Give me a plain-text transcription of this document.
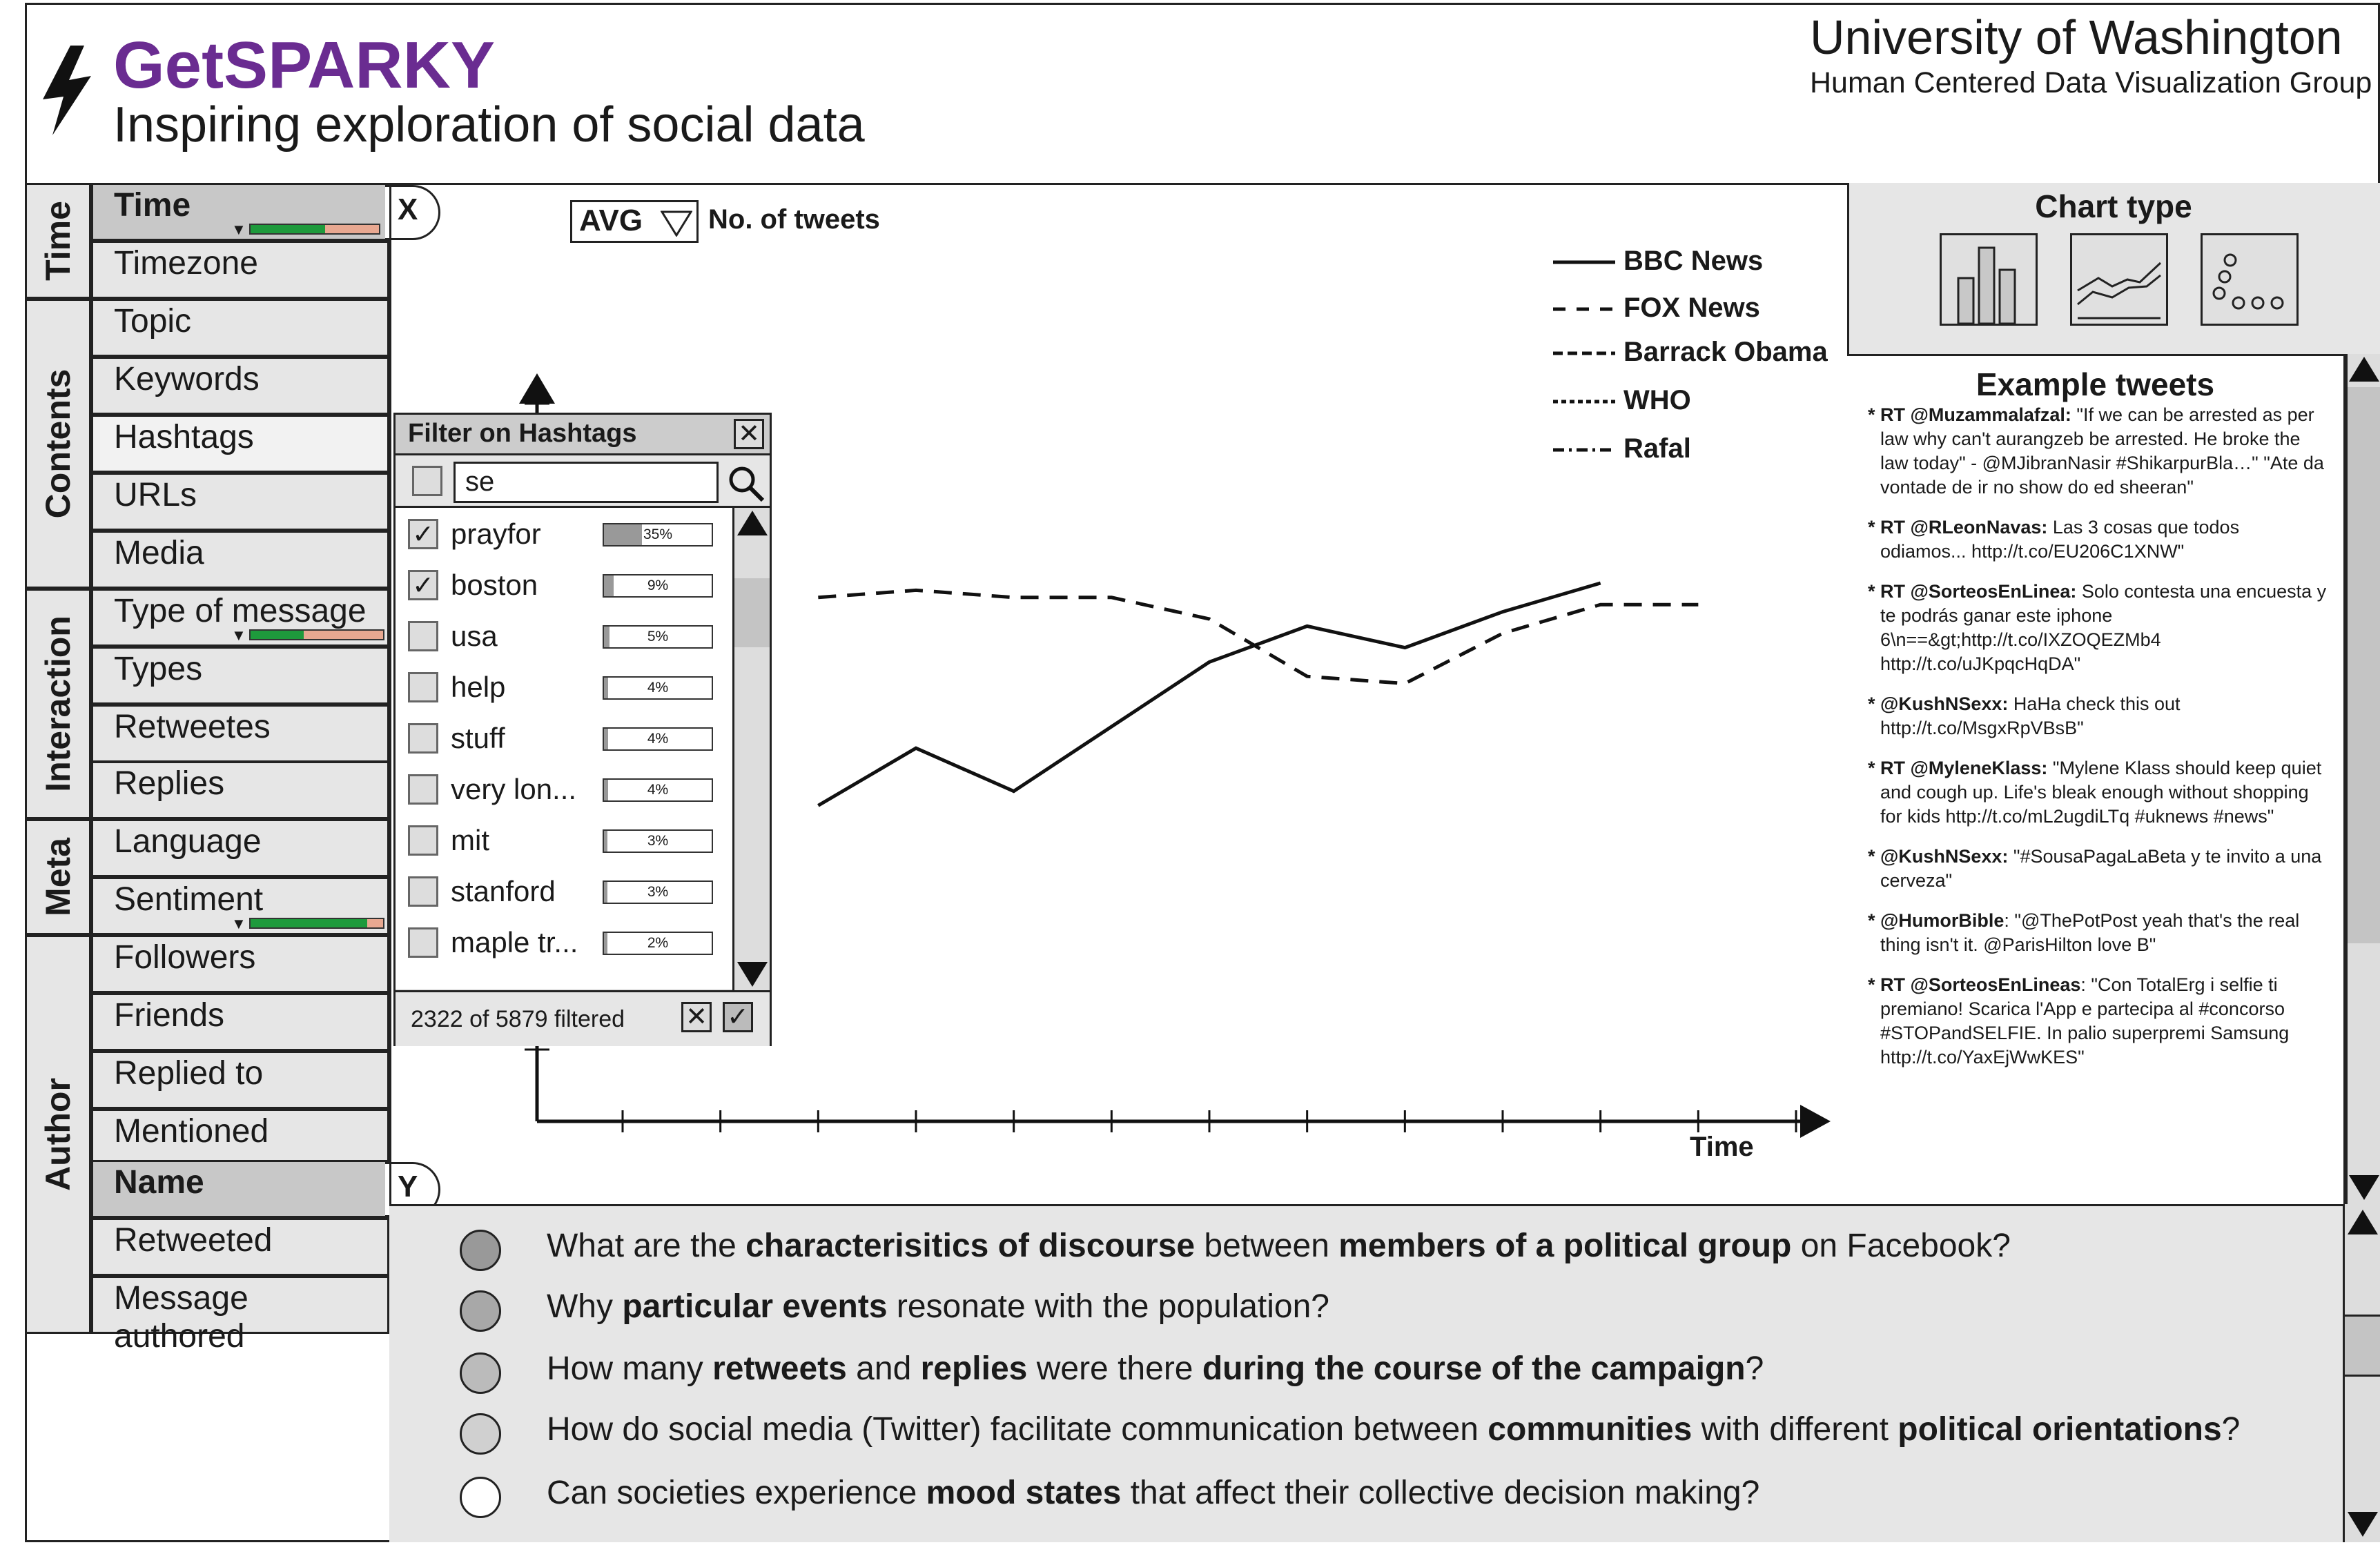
GetSPARKY
Inspiring exploration of social data
University of Washington
Human Centered Data Visualization Group
Time
Contents
Interaction
Meta
Author
Time
▼
Timezone
Topic
Keywords
Hashtags
URLs
Media
Type of message
▼
Types
Retweetes
Replies
Language
Sentiment
▼
Followers
Friends
Replied to
Mentioned
Name
Retweeted
Message authored
X
Y
AVG No. of tweets
Time
BBC News
FOX News
Barrack Obama
WHO
Rafal
Chart type
Example tweets
* RT @Muzammalafzal: "If we can be arrested as per law why can't aurangzeb be arrested. He broke the law today" - @MJibranNasir #ShikarpurBla…" "Ate da vontade de ir no show do ed sheeran"
* RT @RLeonNavas: Las 3 cosas que todos odiamos... http://t.co/EU206C1XNW"
* RT @SorteosEnLinea: Solo contesta una encuesta y te podrás ganar este iphone 6\n==&gt;http://t.co/IXZOQEZMb4 http://t.co/uJKpqcHqDA"
* @KushNSexx: HaHa check this out http://t.co/MsgxRpVBsB"
* RT @MyleneKlass: "Mylene Klass should keep quiet and cough up. Life's bleak enough without shopping for kids http://t.co/mL2ugdiLTq #uknews #news"
* @KushNSexx: "#SousaPagaLaBeta y te invito a una cerveza"
* @HumorBible: "@ThePotPost yeah that's the real thing isn't it. @ParisHilton love B"
* RT @SorteosEnLineas: "Con TotalErg i selfie ti premiano! Scarica l'App e partecipa al #concorso #STOPandSELFIE. In palio superpremi Samsung http://t.co/YaxEjWwKES"
What are the characterisitics of discourse between members of a political group on Facebook?
Why particular events resonate with the population?
How many retweets and replies were there during the course of the campaign?
How do social media (Twitter) facilitate communication between communities with different political orientations?
Can societies experience mood states that affect their collective decision making?
Filter on Hashtags	✕
se
✓ prayfor	35%
✓ boston	9%
usa	5%
help	4%
stuff	4%
very lon...	4%
mit	3%
stanford	3%
maple tr...	2%
2322 of 5879 filtered ✕ ✓
